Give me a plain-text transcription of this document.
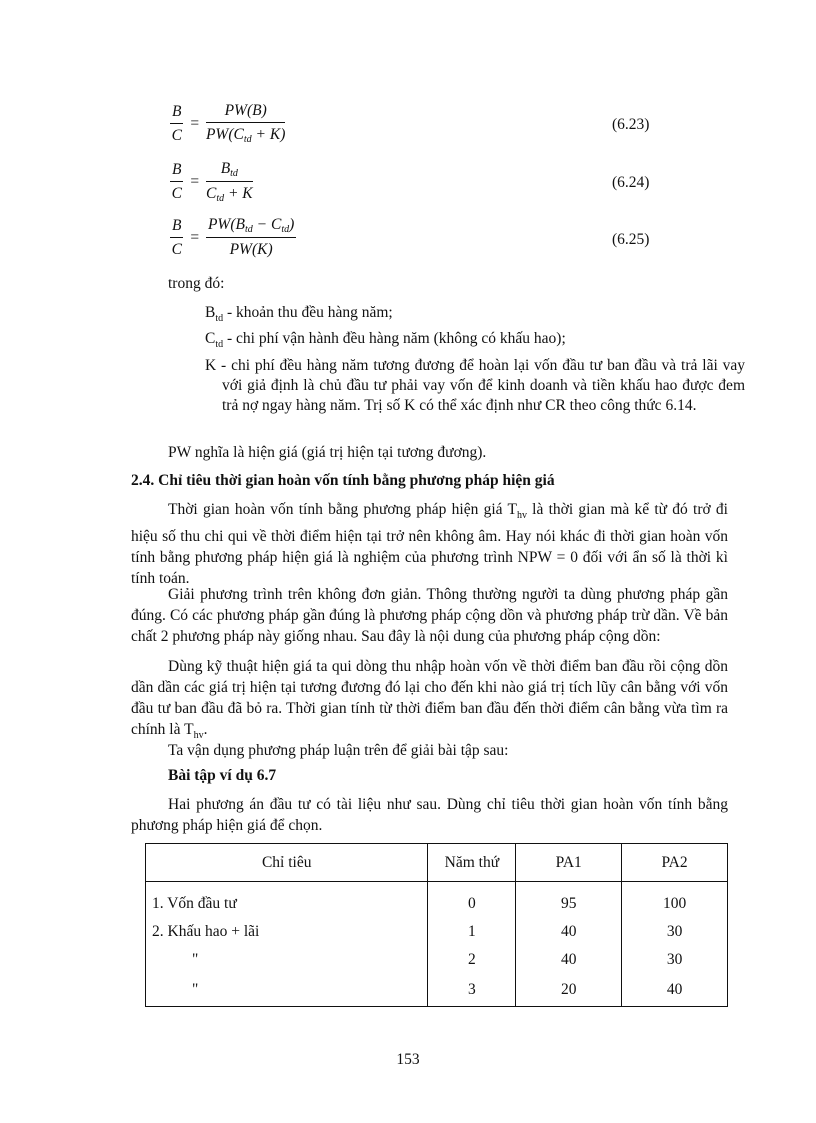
$\frac{B}{C} = \frac{PW(B)}{\text{PW(Ctd + K)}}$	(6.23)
$\frac{B}{C} = \frac{\text{Btd}}{\text{Ctd + K}}$	(6.24)
$\frac{B}{C} = \frac{\text{PW(Btd − Ctd)}}{PW(K)}$	(6.25)

trong đó:

$B_{td}$ - khoản thu đều hàng năm;

$C_{td}$ - chi phí vận hành đều hàng năm (không có khấu hao);

K - chi phí đều hàng năm tương đương để hoàn lại vốn đầu tư ban đầu và trả lãi vay với giả định là chủ đầu tư phải vay vốn để kinh doanh và tiền khấu hao được đem trả nợ ngay hàng năm. Trị số K có thể xác định như CR theo công thức 6.14.

PW nghĩa là hiện giá (giá trị hiện tại tương đương).

2.4. Chỉ tiêu thời gian hoàn vốn tính bằng phương pháp hiện giá

Thời gian hoàn vốn tính bằng phương pháp hiện giá $T_{hv}$ là thời gian mà kể từ đó trở đi hiệu số thu chi qui về thời điểm hiện tại trở nên không âm. Hay nói khác đi thời gian hoàn vốn tính bằng phương pháp hiện giá là nghiệm của phương trình NPW = 0 đối với ẩn số là thời kì tính toán.

Giải phương trình trên không đơn giản. Thông thường người ta dùng phương pháp gần đúng. Có các phương pháp gần đúng là phương pháp cộng dồn và phương pháp trừ dần. Về bản chất 2 phương pháp này giống nhau. Sau đây là nội dung của phương pháp cộng dồn:

Dùng kỹ thuật hiện giá ta qui dòng thu nhập hoàn vốn về thời điểm ban đầu rồi cộng dồn dần dần các giá trị hiện tại tương đương đó lại cho đến khi nào giá trị tích lũy cân bằng với vốn đầu tư ban đầu đã bỏ ra. Thời gian tính từ thời điểm ban đầu đến thời điểm cân bằng vừa tìm ra chính là $T_{hv}$.

Ta vận dụng phương pháp luận trên để giải bài tập sau:

Bài tập ví dụ 6.7

Hai phương án đầu tư có tài liệu như sau. Dùng chỉ tiêu thời gian hoàn vốn tính bằng phương pháp hiện giá để chọn.

Chỉ tiêu	Năm thứ	PA1	PA2
1. Vốn đầu tư	0	95	100
2. Khấu hao + lãi	1	40	30
"	2	40	30
"	3	20	40

153
